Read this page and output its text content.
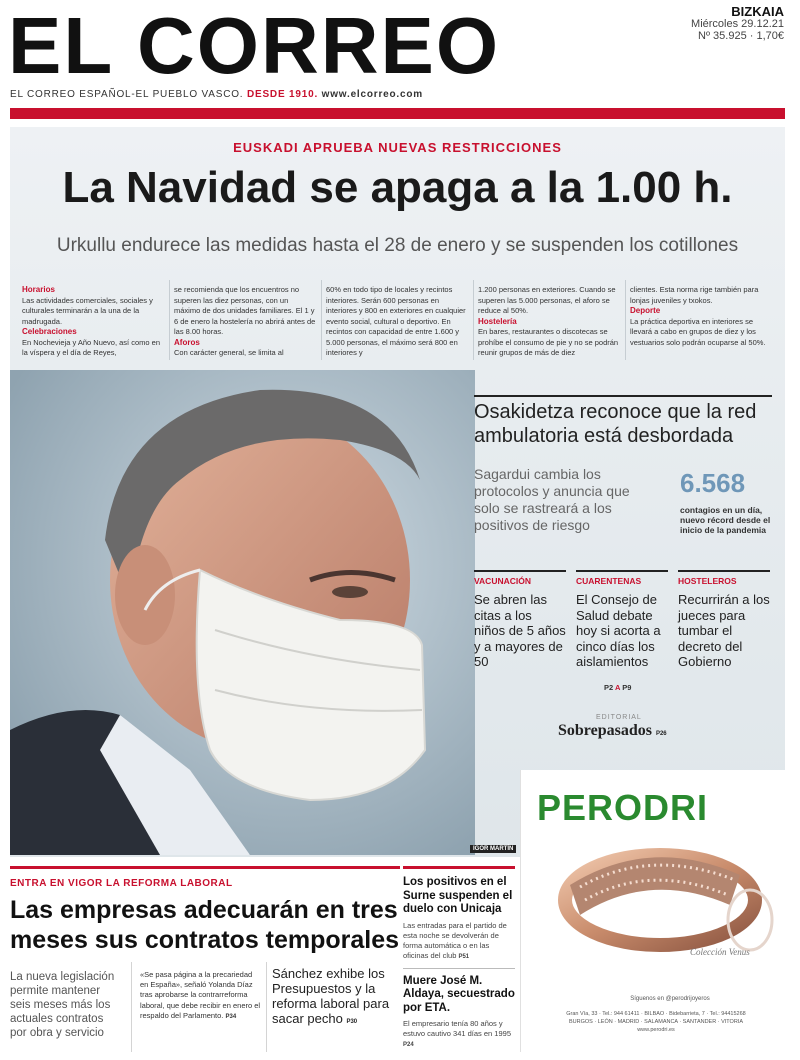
EL CORREO
EL CORREO ESPAÑOL-EL PUEBLO VASCO. DESDE 1910. www.elcorreo.com
BIZKAIA
Miércoles 29.12.21
Nº 35.925 · 1,70€
EUSKADI APRUEBA NUEVAS RESTRICCIONES
La Navidad se apaga a la 1.00 h.
Urkullu endurece las medidas hasta el 28 de enero y se suspenden los cotillones
Horarios

Las actividades comerciales, sociales y culturales terminarán a la una de la madrugada.

Celebraciones

En Nochevieja y Año Nuevo, así como en la víspera y el día de Reyes,

se recomienda que los encuentros no superen las diez personas, con un máximo de dos unidades familiares. El 1 y 6 de enero la hostelería no abrirá antes de las 8.00 horas.

Aforos

Con carácter general, se limita al

60% en todo tipo de locales y recintos interiores. Serán 600 personas en interiores y 800 en exteriores en cualquier evento social, cultural o deportivo. En recintos con capacidad de entre 1.600 y 5.000 personas, el máximo será 800 en interiores y

1.200 personas en exteriores. Cuando se superen las 5.000 personas, el aforo se reduce al 50%.

Hostelería

En bares, restaurantes o discotecas se prohíbe el consumo de pie y no se podrán reunir grupos de más de diez

clientes. Esta norma rige también para lonjas juveniles y txokos.

Deporte

La práctica deportiva en interiores se llevará a cabo en grupos de diez y los vestuarios solo podrán ocuparse al 50%.

IGOR MARTÍN
Osakidetza reconoce que la red ambulatoria está desbordada
Sagardui cambia los protocolos y anuncia que solo se rastreará a los positivos de riesgo
6.568
contagios en un día, nuevo récord desde el inicio de la pandemia
VACUNACIÓN
Se abren las citas a los niños de 5 años y a mayores de 50
CUARENTENAS
El Consejo de Salud debate hoy si acorta a cinco días los aislamientos
HOSTELEROS
Recurrirán a los jueces para tumbar el decreto del Gobierno
P2 A P9
EDITORIAL
Sobrepasados P26
ENTRA EN VIGOR LA REFORMA LABORAL
Las empresas adecuarán en tres meses sus contratos temporales
La nueva legislación permite mantener seis meses más los actuales contratos por obra y servicio
«Se pasa página a la precariedad en España», señaló Yolanda Díaz tras aprobarse la contrarreforma laboral, que debe recibir en enero el respaldo del Parlamento. P34
Sánchez exhibe los Presupuestos y la reforma laboral para sacar pecho P30
Los positivos en el Surne suspenden el duelo con Unicaja
Las entradas para el partido de esta noche se devolverán de forma automática o en las oficinas del club P51
Muere José M. Aldaya, secuestrado por ETA.
El empresario tenía 80 años y estuvo cautivo 341 días en 1995 P24
PERODRI
Colección Venus
Síguenos en @perodrijoyeros
Gran Vía, 33 · Tel.: 944 61411 · BILBAO · Bidebarrieta, 7 · Tel.: 94415268
BURGOS · LEÓN · MADRID · SALAMANCA · SANTANDER · VITORIA
www.perodri.es
